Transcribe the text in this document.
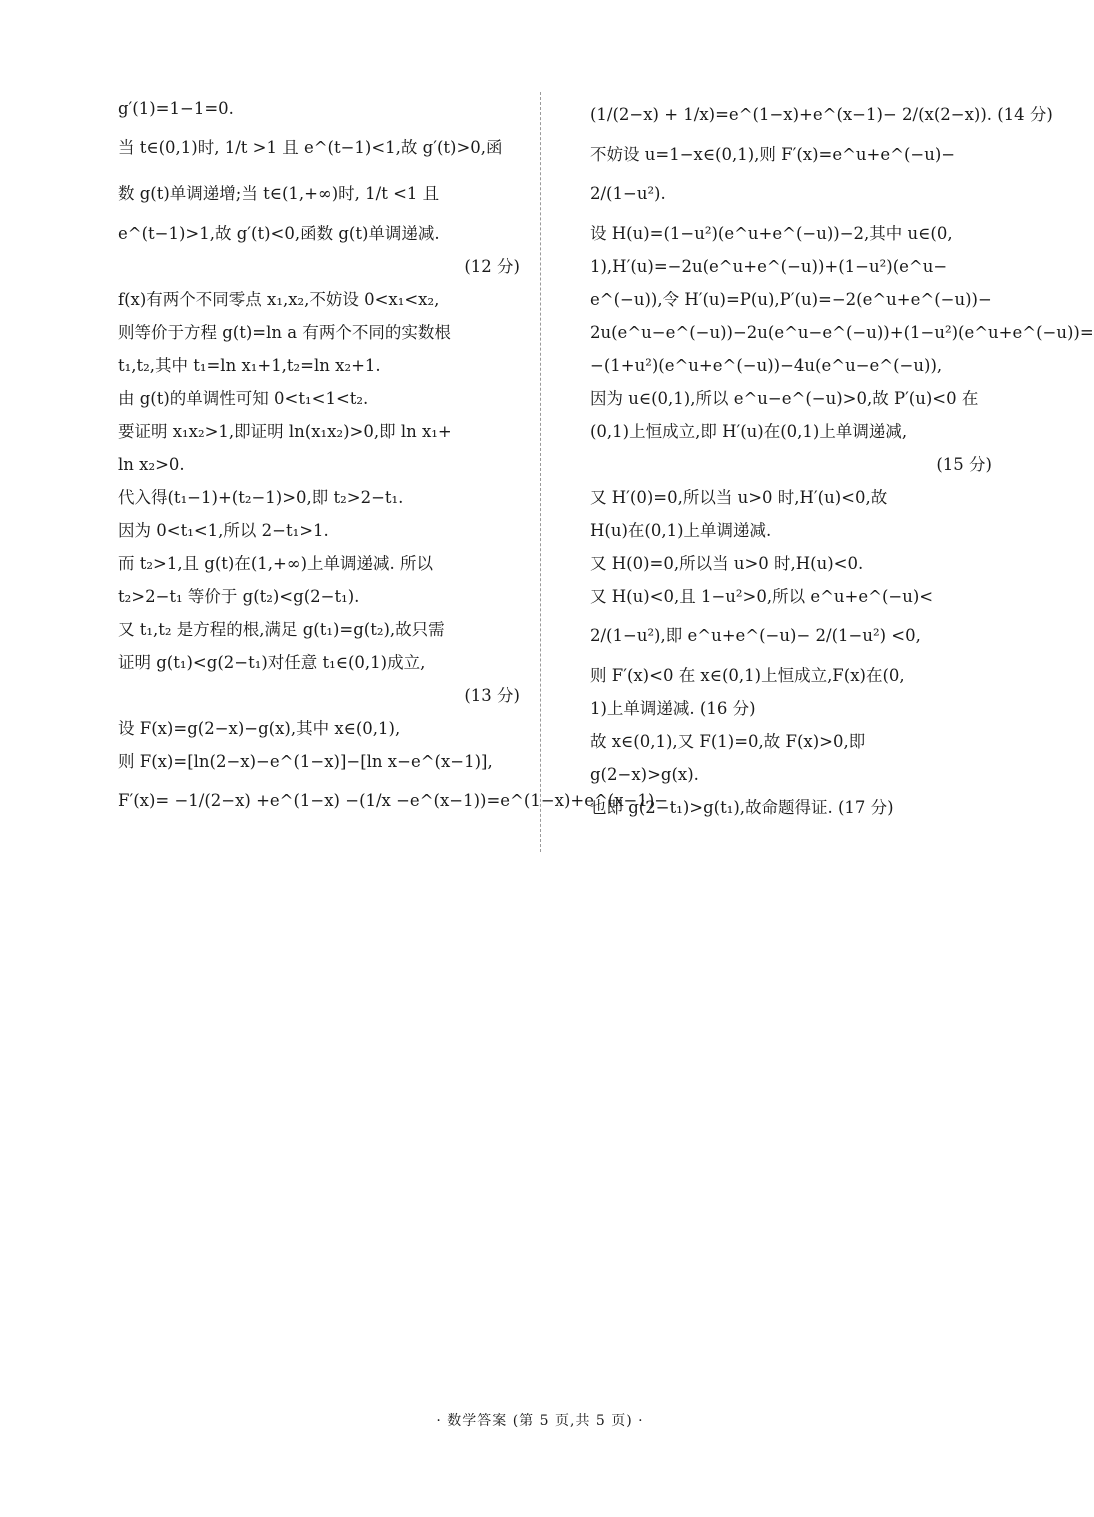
g′(1)=1−1=0.
当 t∈(0,1)时, 1/t >1 且 e^(t−1)<1,故 g′(t)>0,函
数 g(t)单调递增;当 t∈(1,+∞)时, 1/t <1 且
e^(t−1)>1,故 g′(t)<0,函数 g(t)单调递减.
(12 分)
f(x)有两个不同零点 x₁,x₂,不妨设 0<x₁<x₂,
则等价于方程 g(t)=ln a 有两个不同的实数根
t₁,t₂,其中 t₁=ln x₁+1,t₂=ln x₂+1.
由 g(t)的单调性可知 0<t₁<1<t₂.
要证明 x₁x₂>1,即证明 ln(x₁x₂)>0,即 ln x₁+
ln x₂>0.
代入得(t₁−1)+(t₂−1)>0,即 t₂>2−t₁.
因为 0<t₁<1,所以 2−t₁>1.
而 t₂>1,且 g(t)在(1,+∞)上单调递减. 所以
t₂>2−t₁ 等价于 g(t₂)<g(2−t₁).
又 t₁,t₂ 是方程的根,满足 g(t₁)=g(t₂),故只需
证明 g(t₁)<g(2−t₁)对任意 t₁∈(0,1)成立,
(13 分)
设 F(x)=g(2−x)−g(x),其中 x∈(0,1),
则 F(x)=[ln(2−x)−e^(1−x)]−[ln x−e^(x−1)],
F′(x)= −1/(2−x) +e^(1−x) −(1/x −e^(x−1))=e^(1−x)+e^(x−1)−
(1/(2−x) + 1/x)=e^(1−x)+e^(x−1)− 2/(x(2−x)). (14 分)
不妨设 u=1−x∈(0,1),则 F′(x)=e^u+e^(−u)−
2/(1−u²).
设 H(u)=(1−u²)(e^u+e^(−u))−2,其中 u∈(0,
1),H′(u)=−2u(e^u+e^(−u))+(1−u²)(e^u−
e^(−u)),令 H′(u)=P(u),P′(u)=−2(e^u+e^(−u))−
2u(e^u−e^(−u))−2u(e^u−e^(−u))+(1−u²)(e^u+e^(−u))=
−(1+u²)(e^u+e^(−u))−4u(e^u−e^(−u)),
因为 u∈(0,1),所以 e^u−e^(−u)>0,故 P′(u)<0 在
(0,1)上恒成立,即 H′(u)在(0,1)上单调递减,
(15 分)
又 H′(0)=0,所以当 u>0 时,H′(u)<0,故
H(u)在(0,1)上单调递减.
又 H(0)=0,所以当 u>0 时,H(u)<0.
又 H(u)<0,且 1−u²>0,所以 e^u+e^(−u)<
2/(1−u²),即 e^u+e^(−u)− 2/(1−u²) <0,
则 F′(x)<0 在 x∈(0,1)上恒成立,F(x)在(0,
1)上单调递减. (16 分)
故 x∈(0,1),又 F(1)=0,故 F(x)>0,即
g(2−x)>g(x).
也即 g(2−t₁)>g(t₁),故命题得证. (17 分)
· 数学答案 (第 5 页,共 5 页) ·
